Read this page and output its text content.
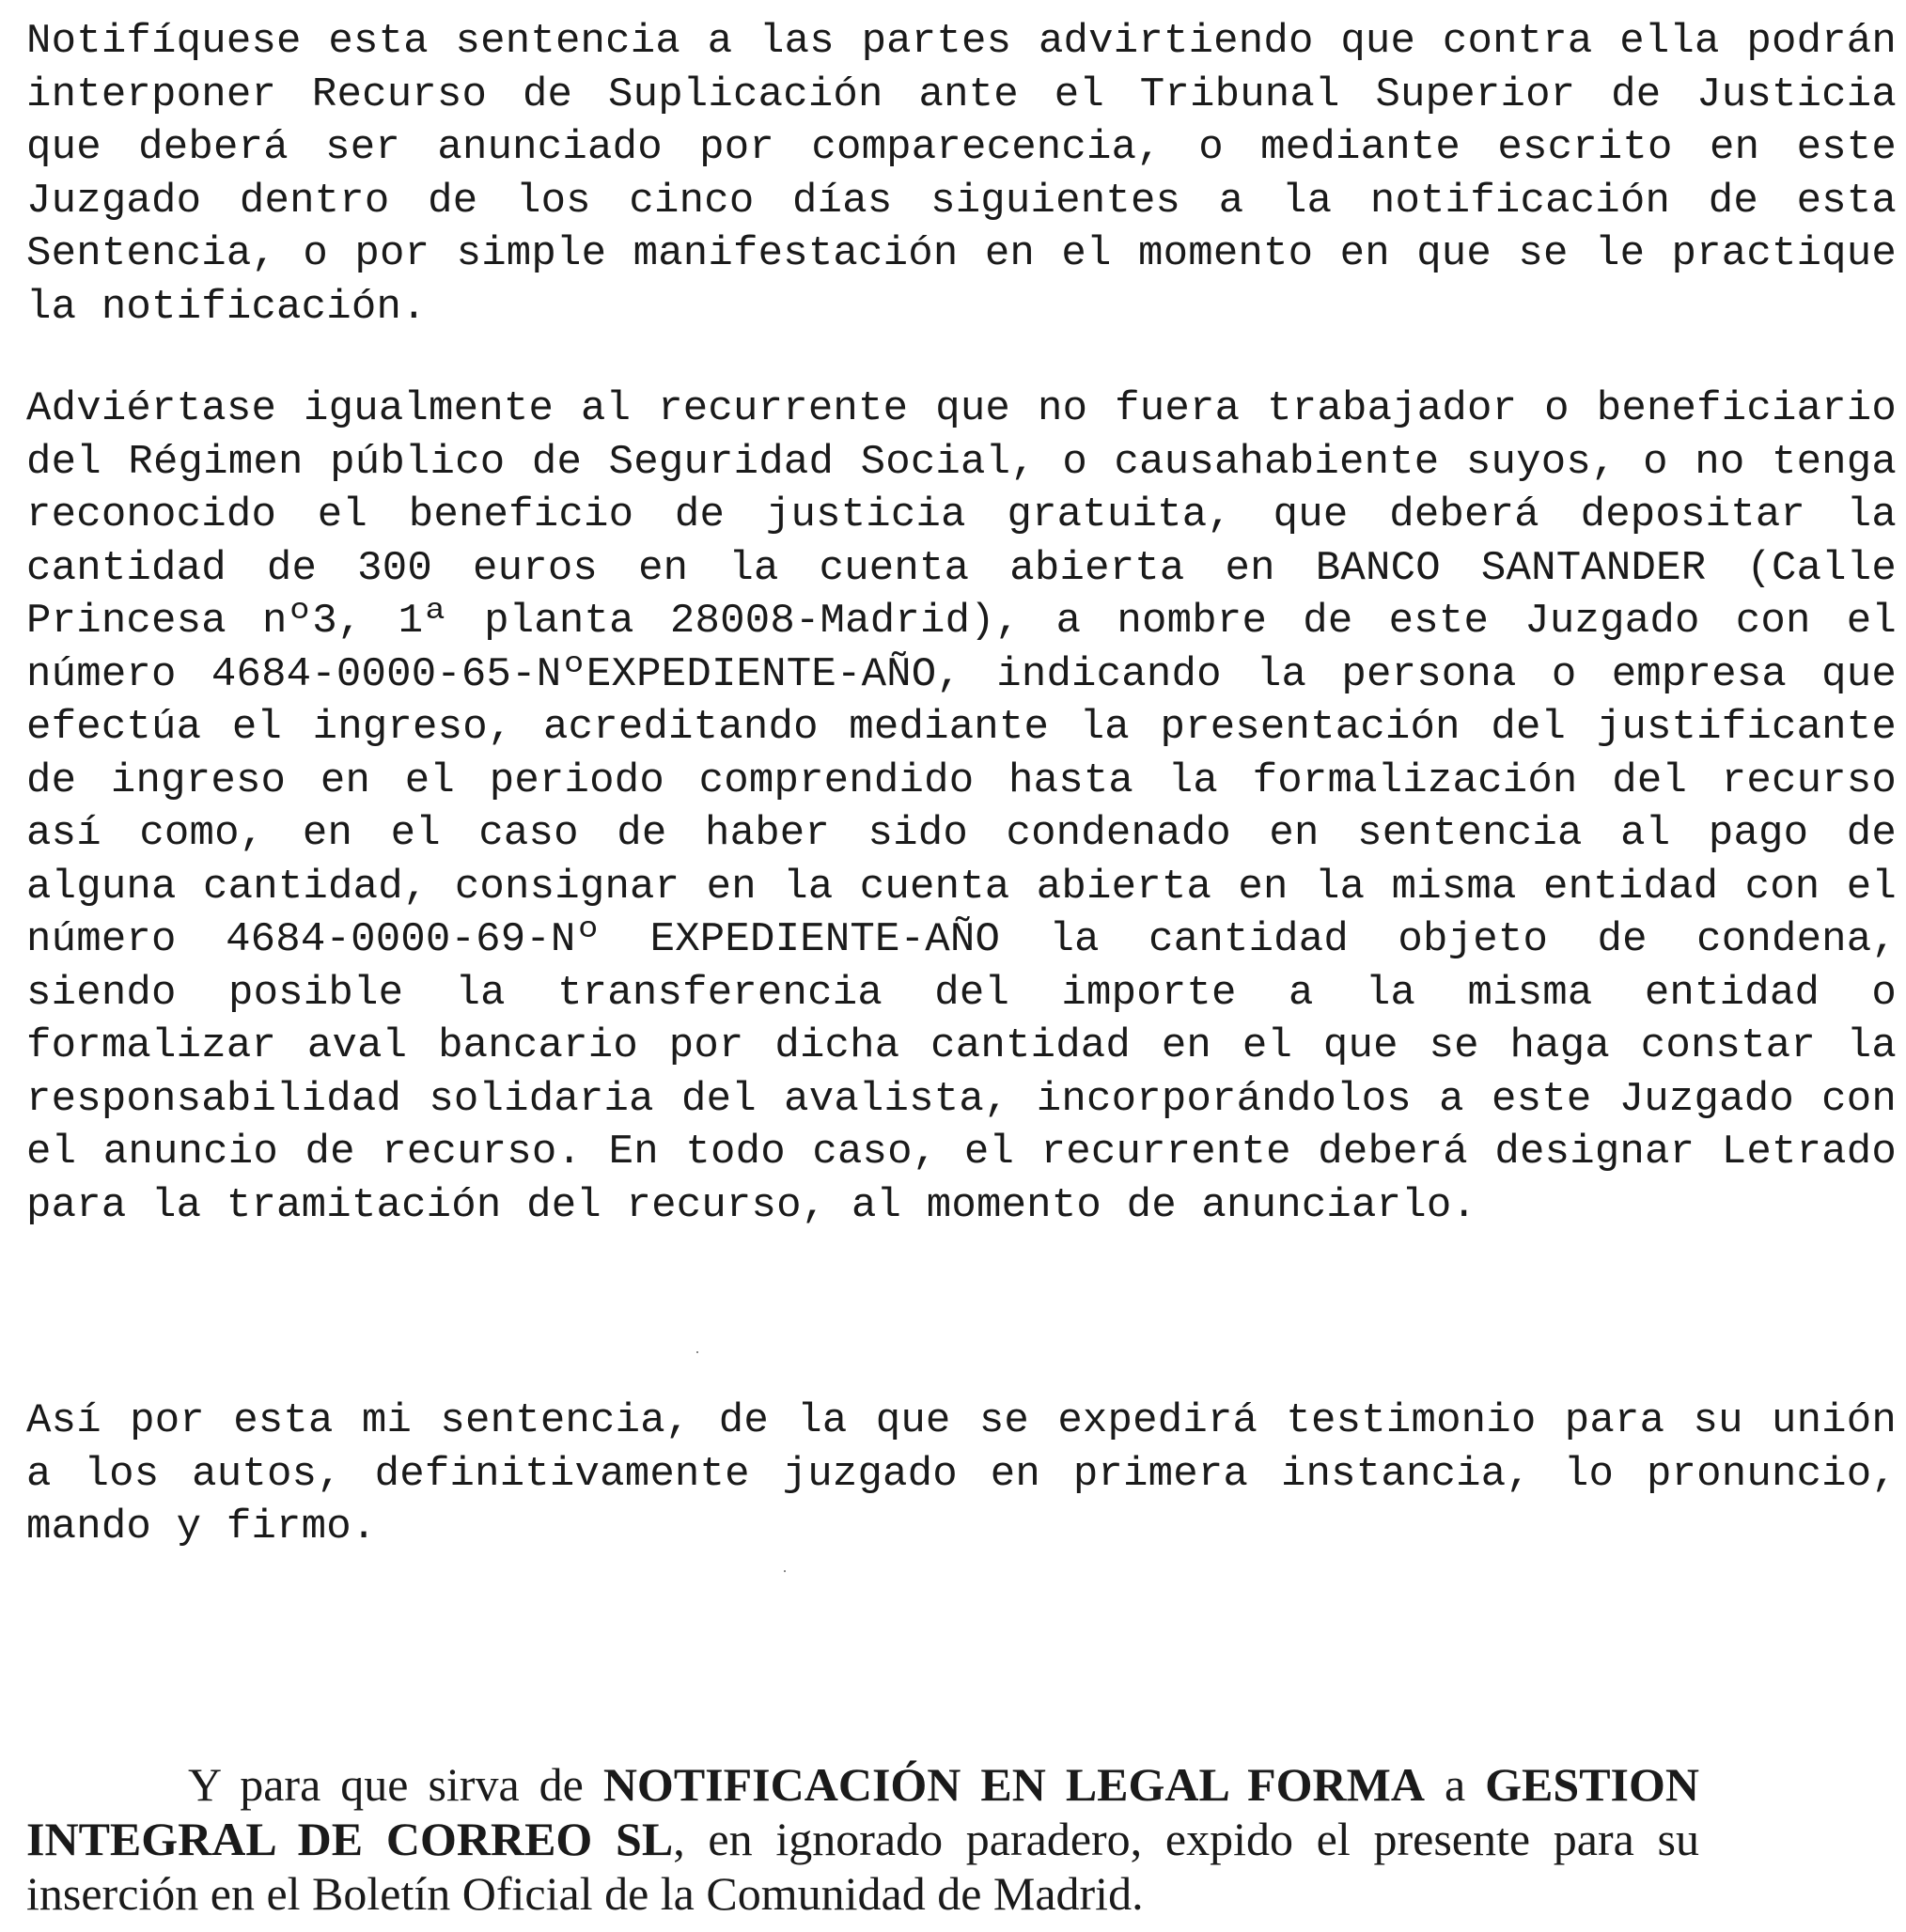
Notifíquese esta sentencia a las partes advirtiendo que contra ella podrán interponer Recurso de Suplicación ante el Tribunal Superior de Justicia que deberá ser anunciado por comparecencia, o mediante escrito en este Juzgado dentro de los cinco días siguientes a la notificación de esta Sentencia, o por simple manifestación en el momento en que se le practique la notificación.

Adviértase igualmente al recurrente que no fuera trabajador o beneficiario del Régimen público de Seguridad Social, o causahabiente suyos, o no tenga reconocido el beneficio de justicia gratuita, que deberá depositar la cantidad de 300 euros en la cuenta abierta en BANCO SANTANDER (Calle Princesa nº3, 1ª planta 28008-Madrid), a nombre de este Juzgado con el número 4684-0000-65-NºEXPEDIENTE-AÑO, indicando la persona o empresa que efectúa el ingreso, acreditando mediante la presentación del justificante de ingreso en el periodo comprendido hasta la formalización del recurso así como, en el caso de haber sido condenado en sentencia al pago de alguna cantidad, consignar en la cuenta abierta en la misma entidad con el número 4684-0000-69-Nº EXPEDIENTE-AÑO la cantidad objeto de condena, siendo posible la transferencia del importe a la misma entidad o formalizar aval bancario por dicha cantidad en el que se haga constar la responsabilidad solidaria del avalista, incorporándolos a este Juzgado con el anuncio de recurso. En todo caso, el recurrente deberá designar Letrado para la tramitación del recurso, al momento de anunciarlo.

Así por esta mi sentencia, de la que se expedirá testimonio para su unión a los autos, definitivamente juzgado en primera instancia, lo pronuncio, mando y firmo.

Y para que sirva de NOTIFICACIÓN EN LEGAL FORMA a GESTION INTEGRAL DE CORREO SL, en ignorado paradero, expido el presente para su inserción en el Boletín Oficial de la Comunidad de Madrid.
